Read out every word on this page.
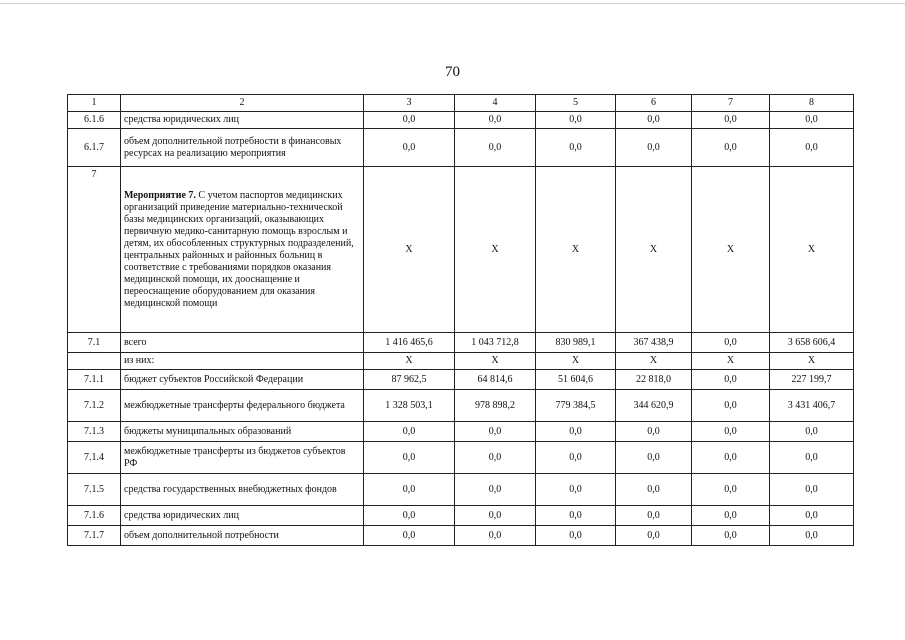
70
1	2	3	4	5	6	7	8
6.1.6	средства юридических лиц	0,0	0,0	0,0	0,0	0,0	0,0
6.1.7	объем дополнительной потребности в финансовых ресурсах на реализацию мероприятия	0,0	0,0	0,0	0,0	0,0	0,0
7	Мероприятие 7. С учетом паспортов медицинских организаций приведение материально-технической базы медицинских организаций, оказывающих первичную медико-санитарную помощь взрослым и детям, их обособленных структурных подразделений, центральных районных и районных больниц в соответствие с требованиями порядков оказания медицинской помощи, их дооснащение и переоснащение оборудованием для оказания медицинской помощи	X	X	X	X	X	X
7.1	всего	1 416 465,6	1 043 712,8	830 989,1	367 438,9	0,0	3 658 606,4
	из них:	X	X	X	X	X	X
7.1.1	бюджет субъектов Российской Федерации	87 962,5	64 814,6	51 604,6	22 818,0	0,0	227 199,7
7.1.2	межбюджетные трансферты федерального бюджета	1 328 503,1	978 898,2	779 384,5	344 620,9	0,0	3 431 406,7
7.1.3	бюджеты муниципальных образований	0,0	0,0	0,0	0,0	0,0	0,0
7.1.4	межбюджетные трансферты из бюджетов субъектов РФ	0,0	0,0	0,0	0,0	0,0	0,0
7.1.5	средства государственных внебюджетных фондов	0,0	0,0	0,0	0,0	0,0	0,0
7.1.6	средства юридических лиц	0,0	0,0	0,0	0,0	0,0	0,0
7.1.7	объем дополнительной потребности	0,0	0,0	0,0	0,0	0,0	0,0
